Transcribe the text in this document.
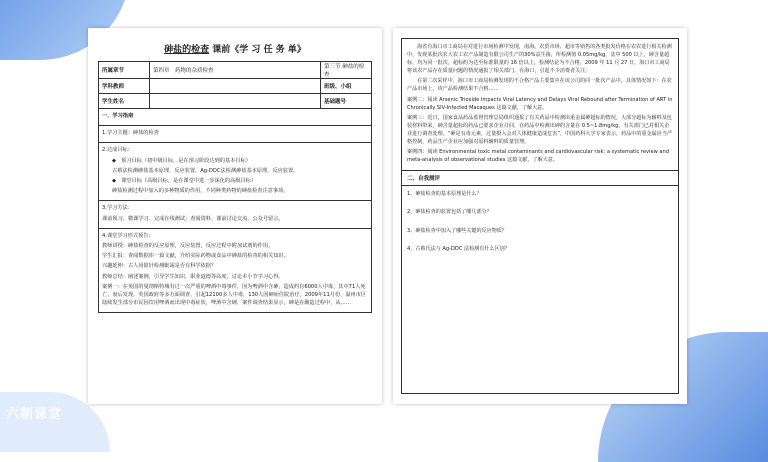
六朝课堂
砷盐的检查 课前《学 习 任 务 单》
所属章节	第四章　药物的杂质检查	第三节 砷盐的检查
学科教师		班级、小组
学生姓名		基础题号

一、学习指南

1.学习主题：砷盐的检查

2.达成目标：

◆　预习目标（初中级目标，是在预习阶段达到的基本目标）

古蔡法检测砷盐基本原理，反应装置，Ag-DDC法检测砷盐基本原理，反应装置。

◆　课堂目标（高级目标，是在课堂中进一步深化的高级目标）

砷盐检测过程中加入的多种物质的作用，不同种类药物的砷盐检查注意事项。

3.学习方法：

课前预习、微课学习、完成在线测试；查阅资料、课前讨论交流、公众号留言。

4.课堂学习形式预告：

教师讲授：砷盐检查的反应原理，反应装置，反应过程中附加试剂的作用。

学生汇报：查阅数据库一篇文献，介绍实际药物或食品中砷盐的检查的相关知识。

兴趣延伸：古人用银针检测砒霜是否有科学依据？

教师总结：阐述案例，引导学生知识，职业道德等高度，讨论本小节学习心得。

案例一：在英国的曼彻斯特城有过一次严重的啤酒中毒事件，因为啤酒中含砷，造成约有6000人中毒，其中71人死亡。而后发现，英国政府等多方面调查，引起12100多人中毒，130人因砷而住院治疗。2009年11月份，温州市区陆续发生部分市民因饮用啤酒而出现中毒症状，啤酒中含砷，案件调查结果显示，砷是在酿造过程中，从……

海省有海口市工商局在对进行市场检测中发现，南海、农贸市场、超市等销售的各类批发价格在农农进行相关检测中，发现某批次农大农工农产品制造有限公司生产的30%益生菌，所检测值 0.05mg/kg，其中 500 以上，砷含量超标，均为同一批次，超标约为达至标准限量的 16 倍以上，检测结论为不合格。2009 年 11 月 27 日，海口市工商局将该农产品存在质量问题的情况通报了相关部门。在海口，引起不少消费者关注。

在第二次采样中，海口市工商局检测发现的不合格产品主要集中在该公司的同一批次产品中，具体情况如下：在农产品市场上，该产品检测结果不合格……

案例二：阅读 Arsenic Trioxide Impacts Viral Latency and Delays Viral Rebound after Termination of ART in Chronically SIV-Infected Macaques 这篇文献，了解大意。

案例三：近日，国家食品药品监督管理总局组织通报了有关药品中检测出重金属砷超标的情况，大部分超标为辅料及包装材料带来，砷含量超标的药品已要求企业召回，在药品中检测出砷的含量在 0.5~1.8mg/kg，有关部门已对相关企业进行调查处理。“砷是有毒元素，过量摄入会对人体健康造成危害”，中国药科大学专家表示，药品中的重金属应当严格控制，药品生产企业应加强对原料辅料的质量管理。

案例四：阅读 Environmental toxic metal contaminants and cardiovascular risk: a systematic review and meta-analysis of observational studies 这篇文献，了解大意。

二、自我测评

1、砷盐检查的基本原理是什么？

2、砷盐检查的装置包括了哪几部分？

3、砷盐检查中加入了哪些关键的反应物质？

4、古蔡氏法与 Ag-DDC 法检测有什么区别？
